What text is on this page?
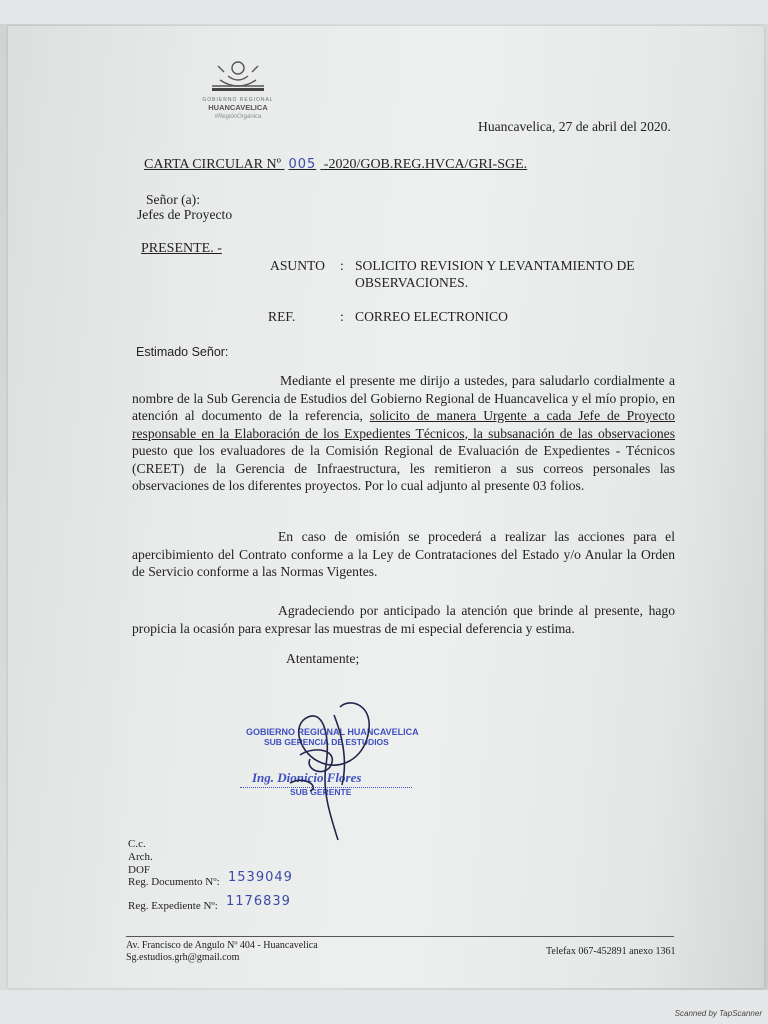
GOBIERNO REGIONAL
HUANCAVELICA
#RegiónOrgánica
Huancavelica, 27 de abril del 2020.
CARTA CIRCULAR Nº 005 -2020/GOB.REG.HVCA/GRI-SGE.
Señor (a):
Jefes de Proyecto
PRESENTE. -
ASUNTO : SOLICITO REVISION Y LEVANTAMIENTO DE
OBSERVACIONES.
REF.	: CORREO ELECTRONICO
Estimado Señor:

Mediante el presente me dirijo a ustedes, para saludarlo cordialmente a nombre de la Sub Gerencia de Estudios del Gobierno Regional de Huancavelica y el mío propio, en atención al documento de la referencia, solicito de manera Urgente a cada Jefe de Proyecto responsable en la Elaboración de los Expedientes Técnicos, la subsanación de las observaciones puesto que los evaluadores de la Comisión Regional de Evaluación de Expedientes - Técnicos (CREET) de la Gerencia de Infraestructura, les remitieron a sus correos personales las observaciones de los diferentes proyectos. Por lo cual adjunto al presente 03 folios.

En caso de omisión se procederá a realizar las acciones para el apercibimiento del Contrato conforme a la Ley de Contrataciones del Estado y/o Anular la Orden de Servicio conforme a las Normas Vigentes.

Agradeciendo por anticipado la atención que brinde al presente, hago propicia la ocasión para expresar las muestras de mi especial deferencia y estima.

Atentamente;
GOBIERNO REGIONAL HUANCAVELICA
SUB GERENCIA DE ESTUDIOS
Ing. Dionicio Flores
SUB GERENTE
C.c.
Arch.
DOF
Reg. Documento Nº: 1539049
Reg. Expediente Nº: 1176839
Av. Francisco de Angulo Nº 404 - Huancavelica
Sg.estudios.grh@gmail.com
Telefax 067-452891 anexo 1361
Scanned by TapScanner
